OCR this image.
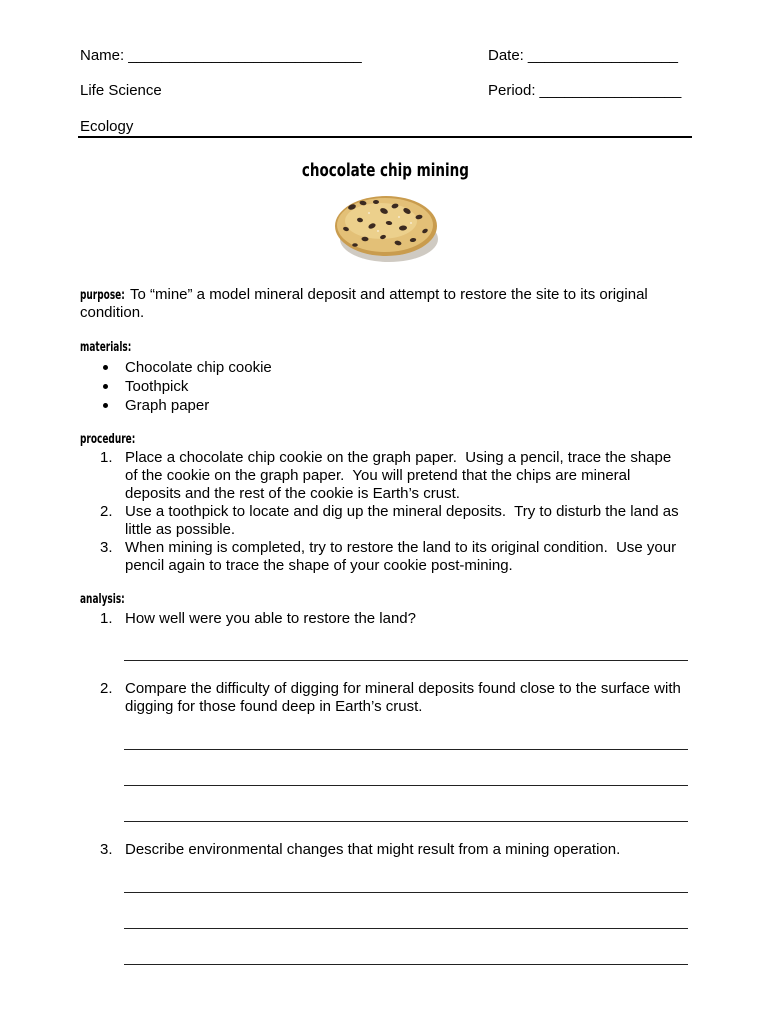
Name: ____________________________	Date: __________________
Life Science	Period: _________________
Ecology
chocolate chip mining

purpose: To “mine” a model mineral deposit and attempt to restore the site to its original condition.

materials:
Chocolate chip cookie
Toothpick
Graph paper
procedure:
1. Place a chocolate chip cookie on the graph paper.  Using a pencil, trace the shape of the cookie on the graph paper.  You will pretend that the chips are mineral deposits and the rest of the cookie is Earth’s crust.
2. Use a toothpick to locate and dig up the mineral deposits.  Try to disturb the land as little as possible.
3. When mining is completed, try to restore the land to its original condition.  Use your pencil again to trace the shape of your cookie post-mining.
analysis:
1. How well were you able to restore the land?
2. Compare the difficulty of digging for mineral deposits found close to the surface with digging for those found deep in Earth’s crust.
3. Describe environmental changes that might result from a mining operation.
